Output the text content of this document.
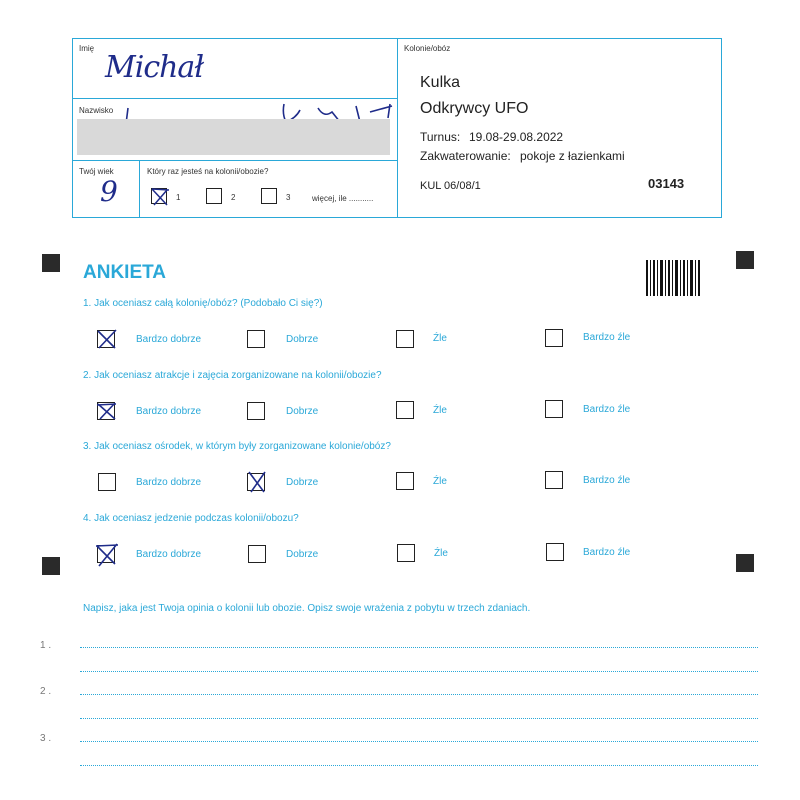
Imię
Michał
Nazwisko
Twój wiek
9
Który raz jesteś na kolonii/obozie?
1	2	3	więcej, ile ...........
Kolonie/obóz
Kulka
Odkrywcy UFO
Turnus: 19.08-29.08.2022
Zakwaterowanie: pokoje z łazienkami
KUL 06/08/1	03143
ANKIETA
1. Jak oceniasz całą kolonię/obóz? (Podobało Ci się?)
Bardzo dobrze	Dobrze	Źle	Bardzo źle
2. Jak oceniasz atrakcje i zajęcia zorganizowane na kolonii/obozie?
Bardzo dobrze	Dobrze	Źle	Bardzo źle
3. Jak oceniasz ośrodek, w którym były zorganizowane kolonie/obóz?
Bardzo dobrze	Dobrze	Źle	Bardzo źle
4. Jak oceniasz jedzenie podczas kolonii/obozu?
Bardzo dobrze	Dobrze	Źle	Bardzo źle
Napisz, jaka jest Twoja opinia o kolonii lub obozie. Opisz swoje wrażenia z pobytu w trzech zdaniach.
1 .
2 .
3 .
